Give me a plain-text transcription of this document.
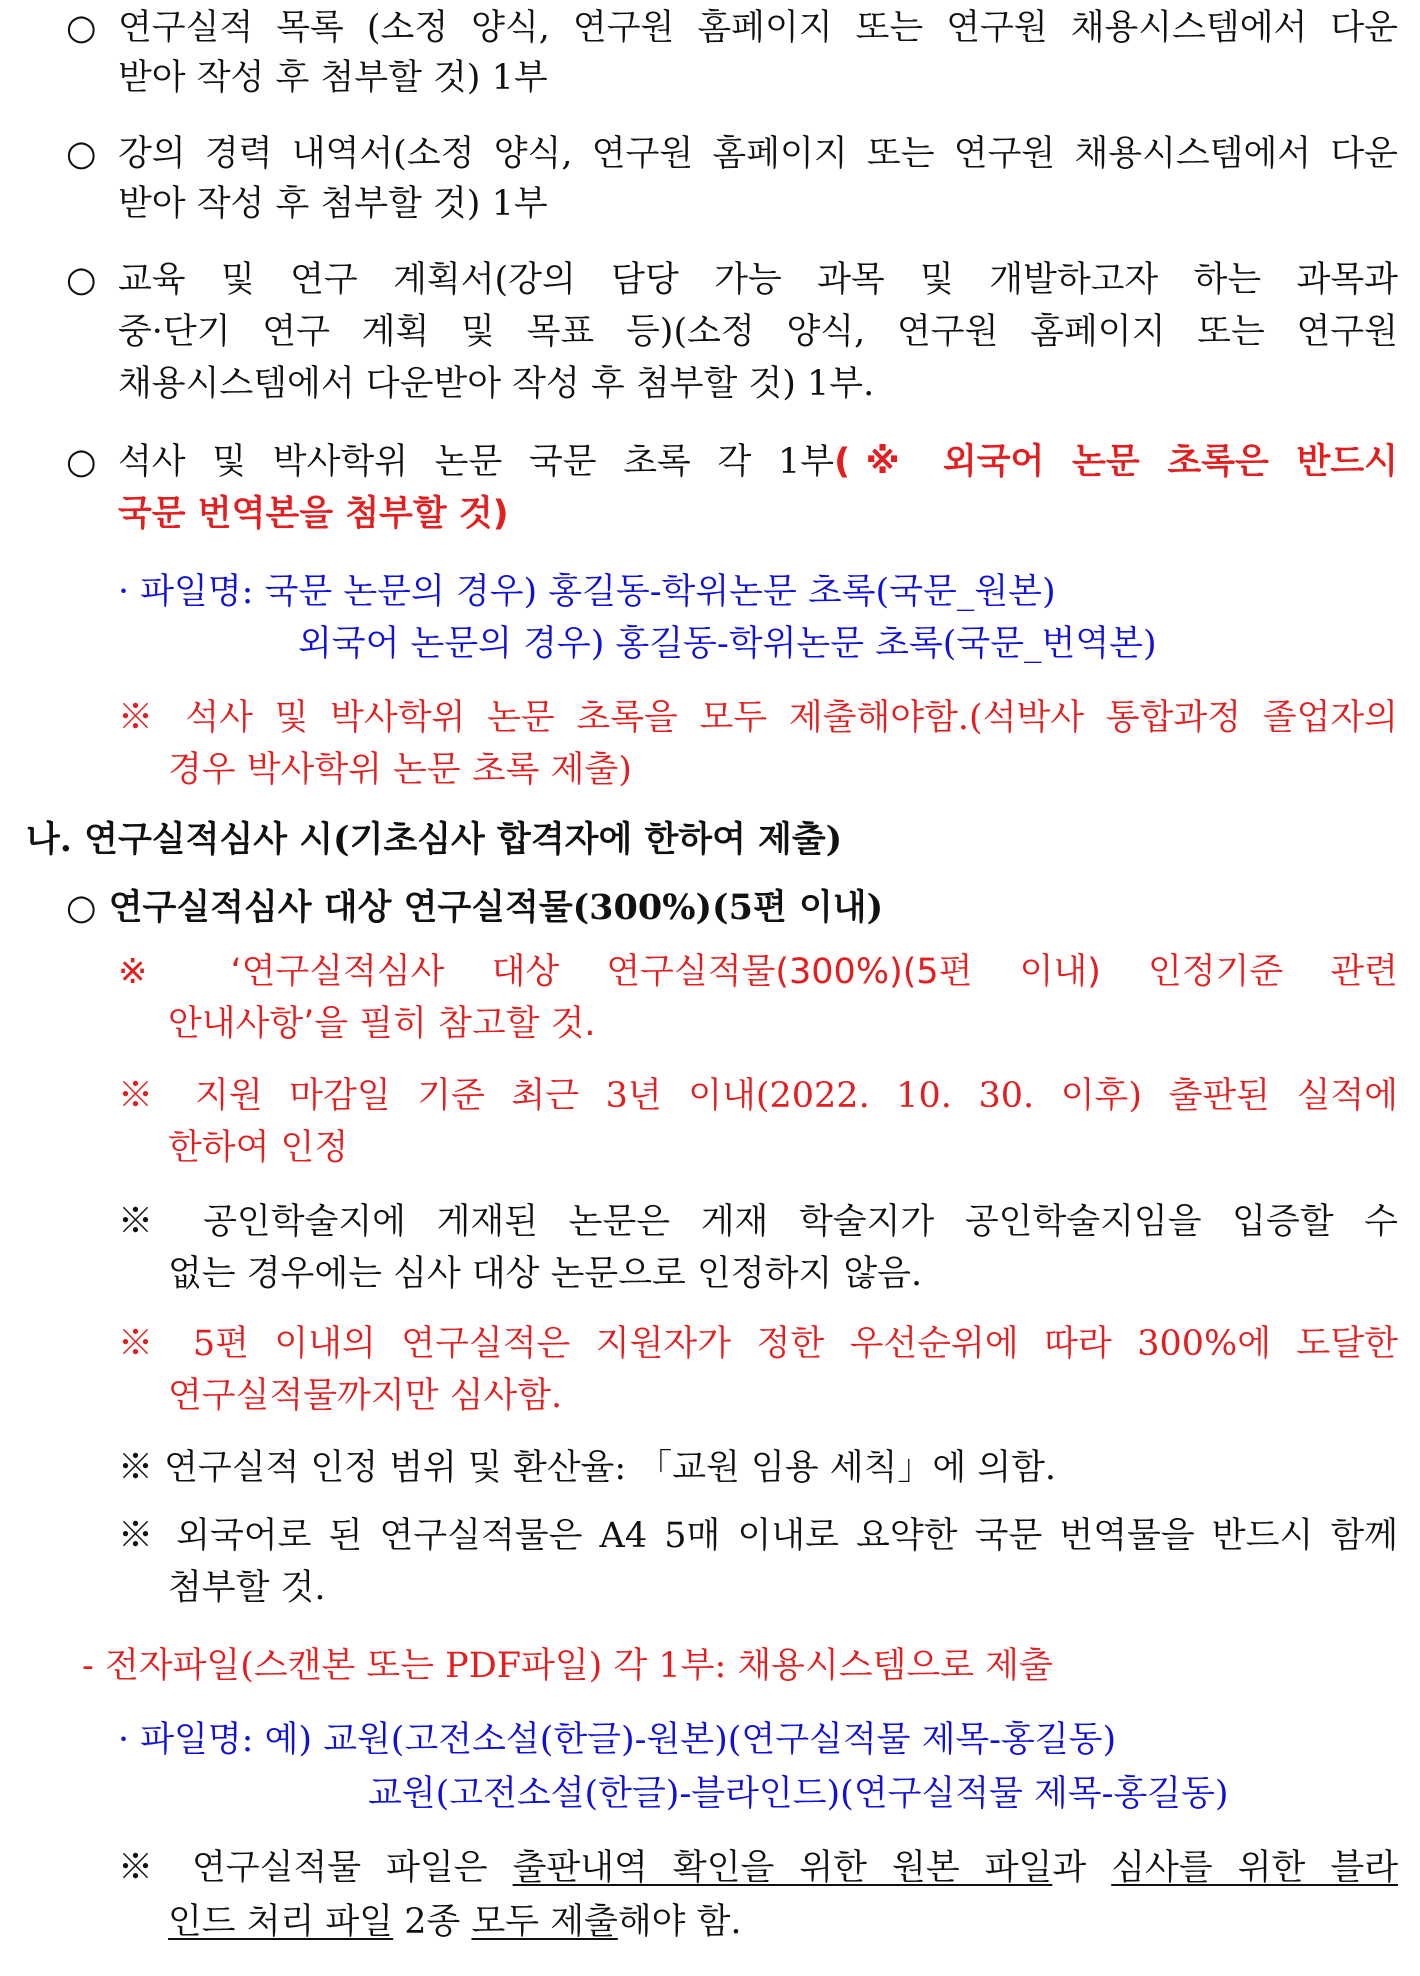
○ 연구실적 목록 (소정 양식, 연구원 홈페이지 또는 연구원 채용시스템에서 다운
받아 작성 후 첨부할 것) 1부
○ 강의 경력 내역서(소정 양식, 연구원 홈페이지 또는 연구원 채용시스템에서 다운
받아 작성 후 첨부할 것) 1부
○ 교육 및 연구 계획서(강의 담당 가능 과목 및 개발하고자 하는 과목과
중·단기 연구 계획 및 목표 등)(소정 양식, 연구원 홈페이지 또는 연구원
채용시스템에서 다운받아 작성 후 첨부할 것) 1부.
○ 석사 및 박사학위 논문 국문 초록 각 1부(※ 외국어 논문 초록은 반드시
국문 번역본을 첨부할 것)
· 파일명: 국문 논문의 경우) 홍길동-학위논문 초록(국문_원본)
외국어 논문의 경우) 홍길동-학위논문 초록(국문_번역본)
※ 석사 및 박사학위 논문 초록을 모두 제출해야함.(석박사 통합과정 졸업자의
경우 박사학위 논문 초록 제출)
나. 연구실적심사 시(기초심사 합격자에 한하여 제출)
○ 연구실적심사 대상 연구실적물(300%)(5편 이내)
※ ‘연구실적심사 대상 연구실적물(300%)(5편 이내) 인정기준 관련
안내사항’을 필히 참고할 것.
※ 지원 마감일 기준 최근 3년 이내(2022. 10. 30. 이후) 출판된 실적에
한하여 인정
※ 공인학술지에 게재된 논문은 게재 학술지가 공인학술지임을 입증할 수
없는 경우에는 심사 대상 논문으로 인정하지 않음.
※ 5편 이내의 연구실적은 지원자가 정한 우선순위에 따라 300%에 도달한
연구실적물까지만 심사함.
※ 연구실적 인정 범위 및 환산율: 「교원 임용 세칙」에 의함.
※ 외국어로 된 연구실적물은 A4 5매 이내로 요약한 국문 번역물을 반드시 함께
첨부할 것.
- 전자파일(스캔본 또는 PDF파일) 각 1부: 채용시스템으로 제출
· 파일명: 예) 교원(고전소설(한글)-원본)(연구실적물 제목-홍길동)
교원(고전소설(한글)-블라인드)(연구실적물 제목-홍길동)
※ 연구실적물 파일은 출판내역 확인을 위한 원본 파일과 심사를 위한 블라
인드 처리 파일 2종 모두 제출해야 함.
